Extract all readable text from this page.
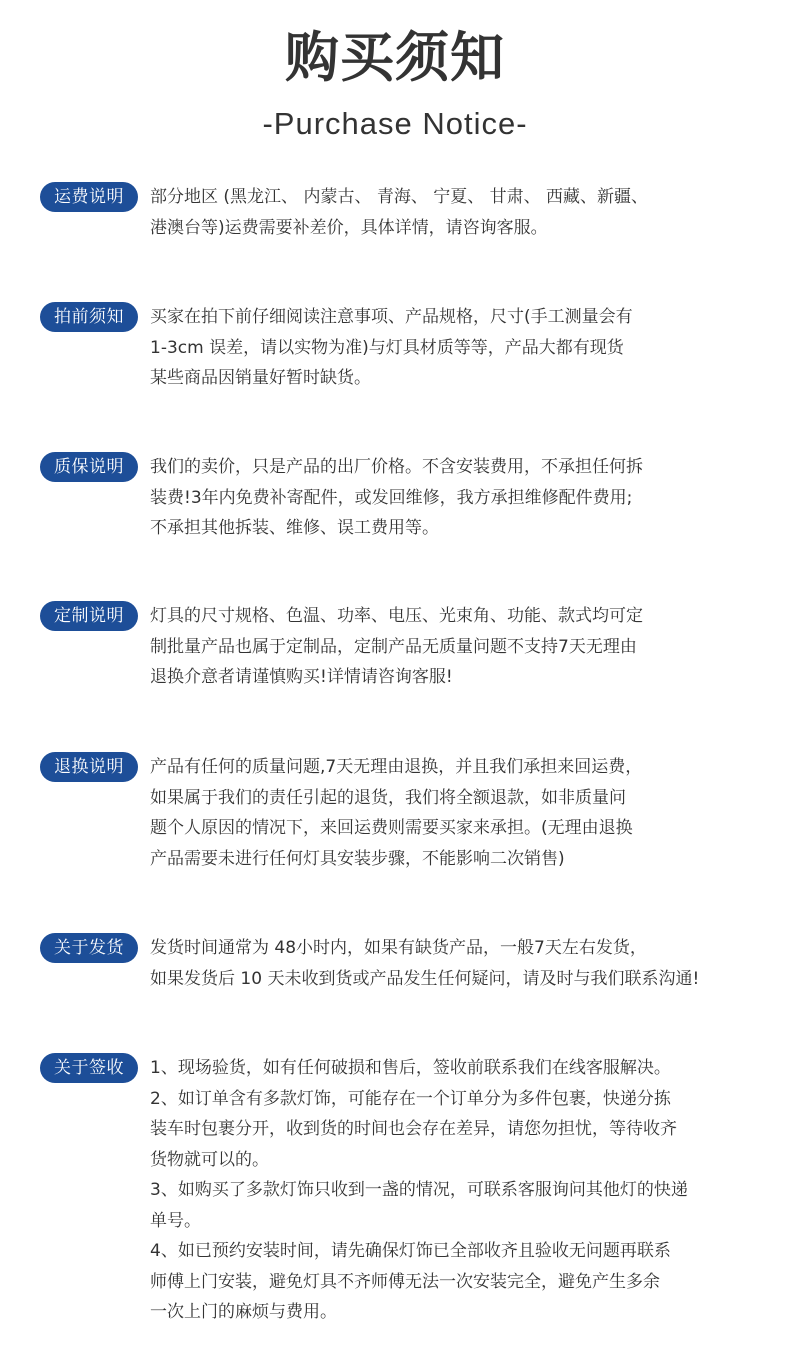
购买须知
-Purchase Notice-
运费说明	部分地区 (黑龙江、 内蒙古、 青海、 宁夏、 甘肃、 西藏、新疆、
港澳台等)运费需要补差价，具体详情，请咨询客服。
拍前须知	买家在拍下前仔细阅读注意事项、产品规格，尺寸(手工测量会有
1-3cm 误差，请以实物为准)与灯具材质等等，产品大都有现货
某些商品因销量好暂时缺货。
质保说明	我们的卖价，只是产品的出厂价格。不含安装费用，不承担任何拆
装费!3年内免费补寄配件，或发回维修，我方承担维修配件费用;
不承担其他拆装、维修、误工费用等。
定制说明	灯具的尺寸规格、色温、功率、电压、光束角、功能、款式均可定
制批量产品也属于定制品，定制产品无质量问题不支持7天无理由
退换介意者请谨慎购买!详情请咨询客服!
退换说明	产品有任何的质量问题,7天无理由退换，并且我们承担来回运费，
如果属于我们的责任引起的退货，我们将全额退款，如非质量问
题个人原因的情况下，来回运费则需要买家来承担。(无理由退换
产品需要未进行任何灯具安装步骤，不能影响二次销售)
关于发货	发货时间通常为 48小时内，如果有缺货产品，一般7天左右发货，
如果发货后 10 天未收到货或产品发生任何疑问，请及时与我们联系沟通!
关于签收	1、现场验货，如有任何破损和售后，签收前联系我们在线客服解决。
2、如订单含有多款灯饰，可能存在一个订单分为多件包裹，快递分拣
装车时包裹分开，收到货的时间也会存在差异，请您勿担忧，等待收齐
货物就可以的。
3、如购买了多款灯饰只收到一盏的情况，可联系客服询问其他灯的快递
单号。
4、如已预约安装时间，请先确保灯饰已全部收齐且验收无问题再联系
师傅上门安装，避免灯具不齐师傅无法一次安装完全，避免产生多余
一次上门的麻烦与费用。
